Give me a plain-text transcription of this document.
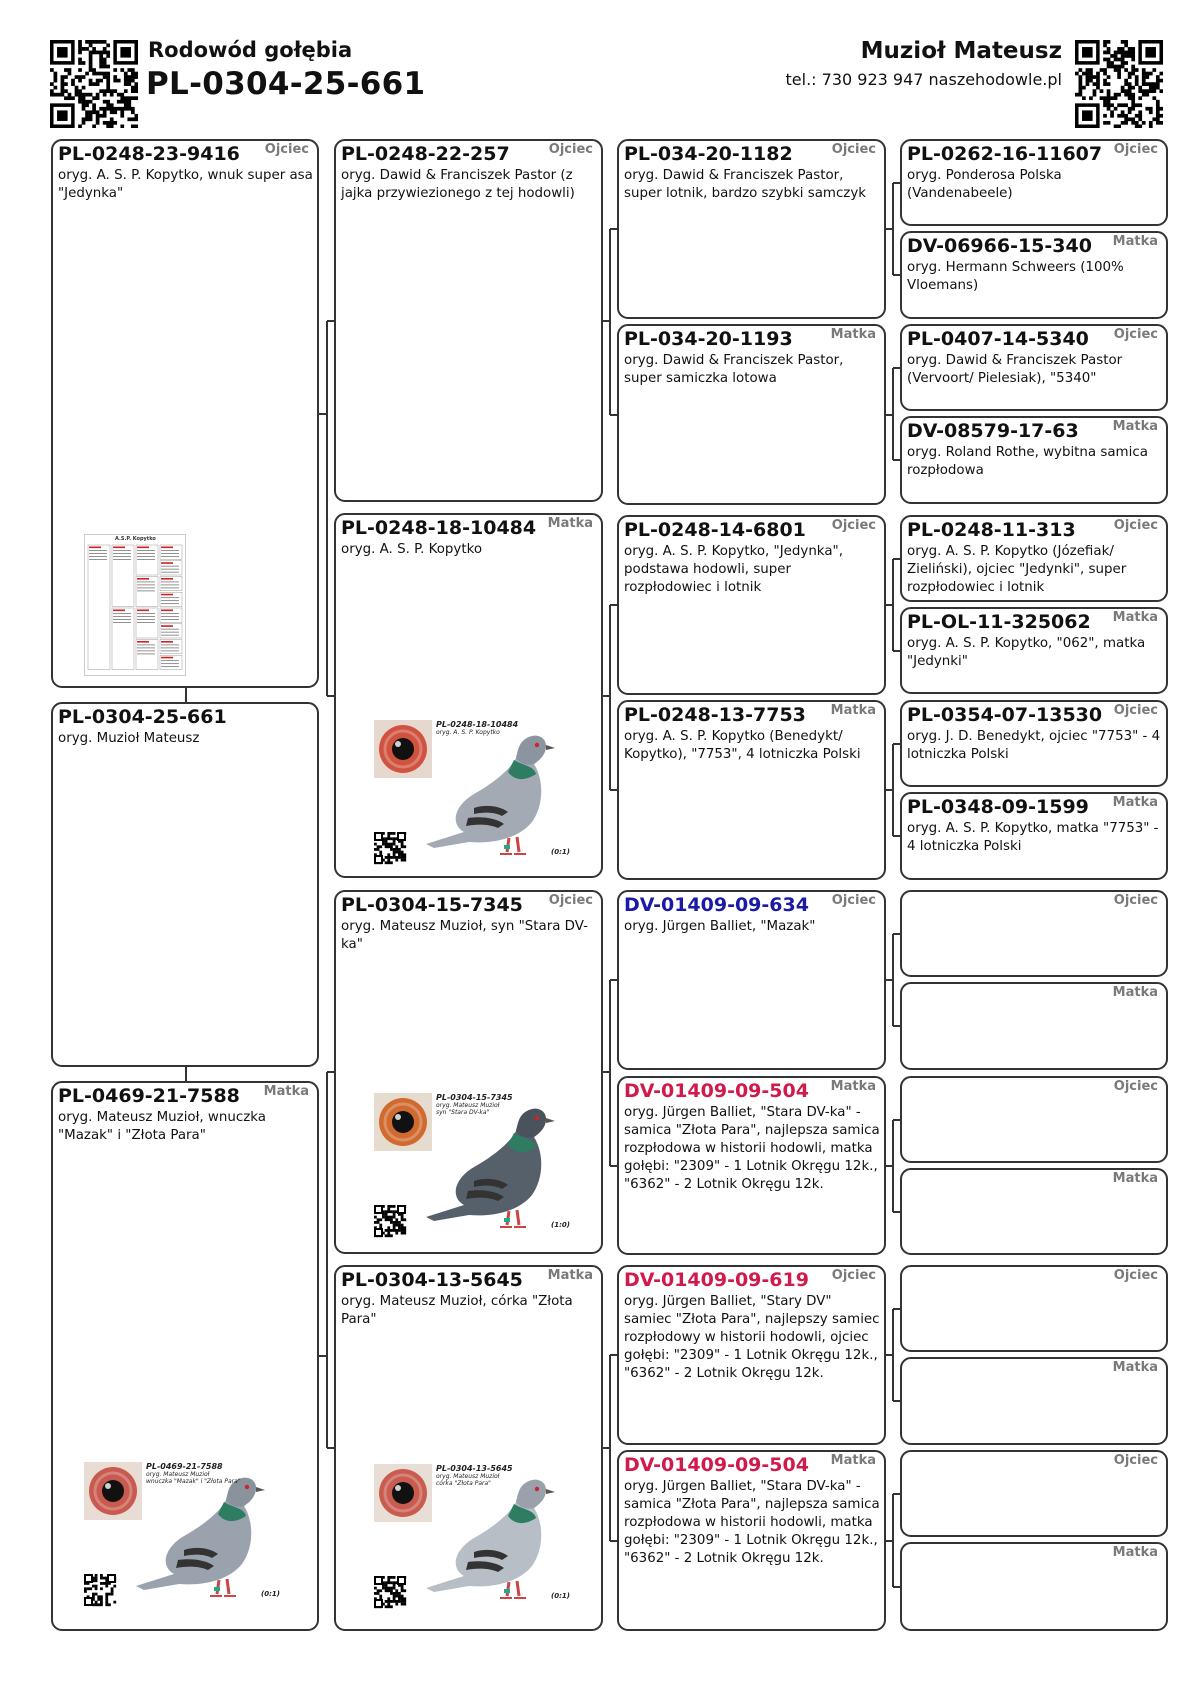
Rodowód gołębia
PL-0304-25-661
Muzioł Mateusz
tel.: 730 923 947 naszehodowle.pl
PL-0248-23-9416 Ojciec
oryg. A. S. P. Kopytko, wnuk super asa "Jedynka"
PL-0304-25-661
oryg. Muzioł Mateusz
PL-0469-21-7588 Matka
oryg. Mateusz Muzioł, wnuczka "Mazak" i "Złota Para"
PL-0248-22-257	Ojciec
oryg. Dawid & Franciszek Pastor (z jajka przywiezionego z tej hodowli)
PL-0248-18-10484 Matka
oryg. A. S. P. Kopytko
PL-0304-15-7345 Ojciec
oryg. Mateusz Muzioł, syn "Stara DV-ka"
PL-0304-13-5645 Matka
oryg. Mateusz Muzioł, córka "Złota Para"
PL-034-20-1182	Ojciec
oryg. Dawid & Franciszek Pastor, super lotnik, bardzo szybki samczyk
PL-034-20-1193	Matka
oryg. Dawid & Franciszek Pastor, super samiczka lotowa
PL-0248-14-6801 Ojciec
oryg. A. S. P. Kopytko, "Jedynka", podstawa hodowli, super rozpłodowiec i lotnik
PL-0248-13-7753 Matka
oryg. A. S. P. Kopytko (Benedykt/ Kopytko), "7753", 4 lotniczka Polski
DV-01409-09-634 Ojciec
oryg. Jürgen Balliet, "Mazak"
DV-01409-09-504 Matka
oryg. Jürgen Balliet, "Stara DV-ka" - samica "Złota Para", najlepsza samica rozpłodowa w historii hodowli, matka gołębi: "2309" - 1 Lotnik Okręgu 12k., "6362" - 2 Lotnik Okręgu 12k.
DV-01409-09-619 Ojciec
oryg. Jürgen Balliet, "Stary DV" samiec "Złota Para", najlepszy samiec rozpłodowy w historii hodowli, ojciec gołębi: "2309" - 1 Lotnik Okręgu 12k., "6362" - 2 Lotnik Okręgu 12k.
DV-01409-09-504 Matka
oryg. Jürgen Balliet, "Stara DV-ka" - samica "Złota Para", najlepsza samica rozpłodowa w historii hodowli, matka gołębi: "2309" - 1 Lotnik Okręgu 12k., "6362" - 2 Lotnik Okręgu 12k.
PL-0262-16-11607 Ojciec
oryg. Ponderosa Polska (Vandenabeele)
DV-06966-15-340 Matka
oryg. Hermann Schweers (100% Vloemans)
PL-0407-14-5340 Ojciec
oryg. Dawid & Franciszek Pastor (Vervoort/ Pielesiak), "5340"
DV-08579-17-63	Matka
oryg. Roland Rothe, wybitna samica rozpłodowa
PL-0248-11-313	Ojciec
oryg. A. S. P. Kopytko (Józefiak/ Zieliński), ojciec "Jedynki", super rozpłodowiec i lotnik
PL-OL-11-325062 Matka
oryg. A. S. P. Kopytko, "062", matka "Jedynki"
PL-0354-07-13530 Ojciec
oryg. J. D. Benedykt, ojciec "7753" - 4 lotniczka Polski
PL-0348-09-1599 Matka
oryg. A. S. P. Kopytko, matka "7753" - 4 lotniczka Polski
Ojciec
Matka
Ojciec
Matka
Ojciec
Matka
Ojciec
Matka
PL-0469-21-7588
oryg. Mateusz Muzioł
wnuczka "Mazak" i "Złota Para"
(0:1)
PL-0248-18-10484
oryg. A. S. P. Kopytko
(0:1)
PL-0304-15-7345
oryg. Mateusz Muzioł
syn "Stara DV-ka"
(1:0)
PL-0304-13-5645
oryg. Mateusz Muzioł
córka "Złota Para"
(0:1)
A.S.P. Kopytko
